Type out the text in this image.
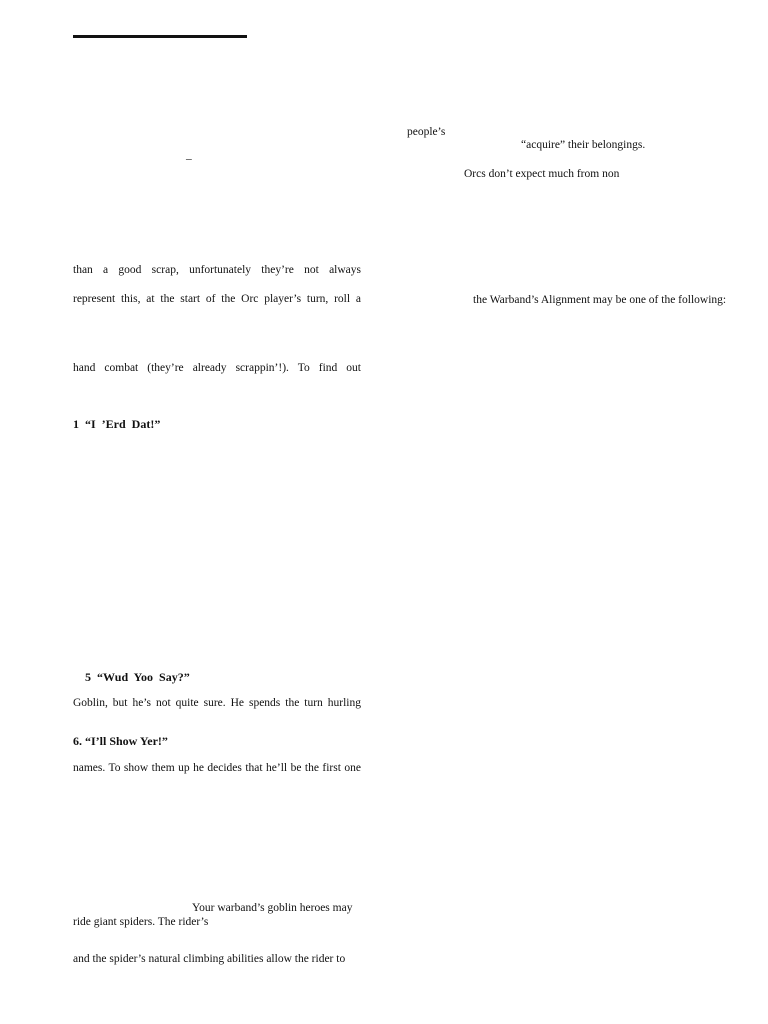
people’s
“acquire” their belongings.
Orcs don’t expect much from non
the Warband’s Alignment may be one of the following:
–
than a good scrap, unfortunately they’re not always
represent this, at the start of the Orc player’s turn, roll a
hand combat (they’re already scrappin’!). To find out
1  “I  ’Erd  Dat!”
5  “Wud  Yoo  Say?”
Goblin, but he’s not quite sure. He spends the turn hurling
6. “I’ll Show Yer!”
names. To show them up he decides that he’ll be the first one
Your warband’s goblin heroes may
ride giant spiders. The rider’s
and the spider’s natural climbing abilities allow the rider to
